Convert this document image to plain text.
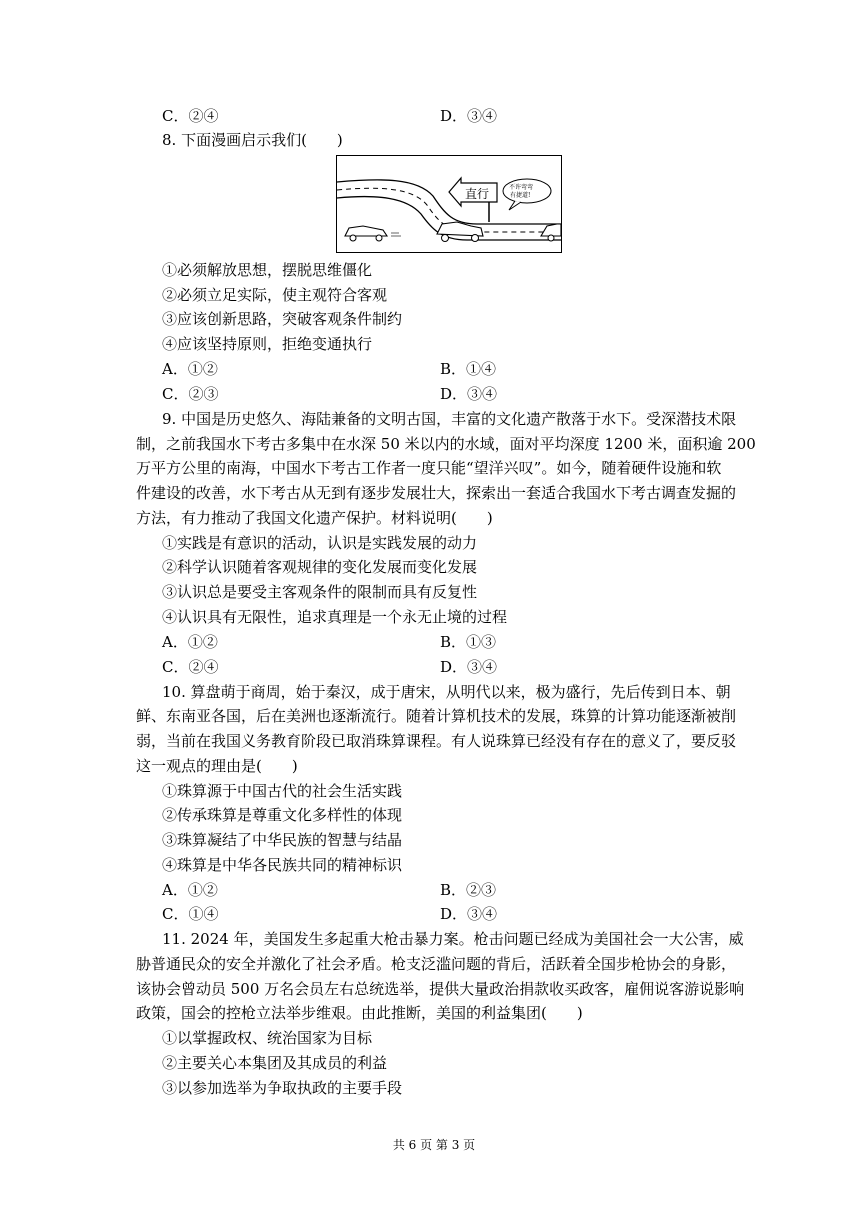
C．②④	D．③④
8. 下面漫画启示我们(　　)
直行	不许弯弯
有捷道!
①必须解放思想，摆脱思维僵化
②必须立足实际，使主观符合客观
③应该创新思路，突破客观条件制约
④应该坚持原则，拒绝变通执行
A．①②	B．①④
C．②③	D．③④
9. 中国是历史悠久、海陆兼备的文明古国，丰富的文化遗产散落于水下。受深潜技术限
制，之前我国水下考古多集中在水深 50 米以内的水域，面对平均深度 1200 米，面积逾 200
万平方公里的南海，中国水下考古工作者一度只能“望洋兴叹”。如今，随着硬件设施和软
件建设的改善，水下考古从无到有逐步发展壮大，探索出一套适合我国水下考古调查发掘的
方法，有力推动了我国文化遗产保护。材料说明(　　)
①实践是有意识的活动，认识是实践发展的动力
②科学认识随着客观规律的变化发展而变化发展
③认识总是要受主客观条件的限制而具有反复性
④认识具有无限性，追求真理是一个永无止境的过程
A．①②	B．①③
C．②④	D．③④
10. 算盘萌于商周，始于秦汉，成于唐宋，从明代以来，极为盛行，先后传到日本、朝
鲜、东南亚各国，后在美洲也逐渐流行。随着计算机技术的发展，珠算的计算功能逐渐被削
弱，当前在我国义务教育阶段已取消珠算课程。有人说珠算已经没有存在的意义了，要反驳
这一观点的理由是(　　)
①珠算源于中国古代的社会生活实践
②传承珠算是尊重文化多样性的体现
③珠算凝结了中华民族的智慧与结晶
④珠算是中华各民族共同的精神标识
A．①②	B．②③
C．①④	D．③④
11. 2024 年，美国发生多起重大枪击暴力案。枪击问题已经成为美国社会一大公害，威
胁普通民众的安全并激化了社会矛盾。枪支泛滥问题的背后，活跃着全国步枪协会的身影，
该协会曾动员 500 万名会员左右总统选举，提供大量政治捐款收买政客，雇佣说客游说影响
政策，国会的控枪立法举步维艰。由此推断，美国的利益集团(　　)
①以掌握政权、统治国家为目标
②主要关心本集团及其成员的利益
③以参加选举为争取执政的主要手段
共 6 页 第 3 页
